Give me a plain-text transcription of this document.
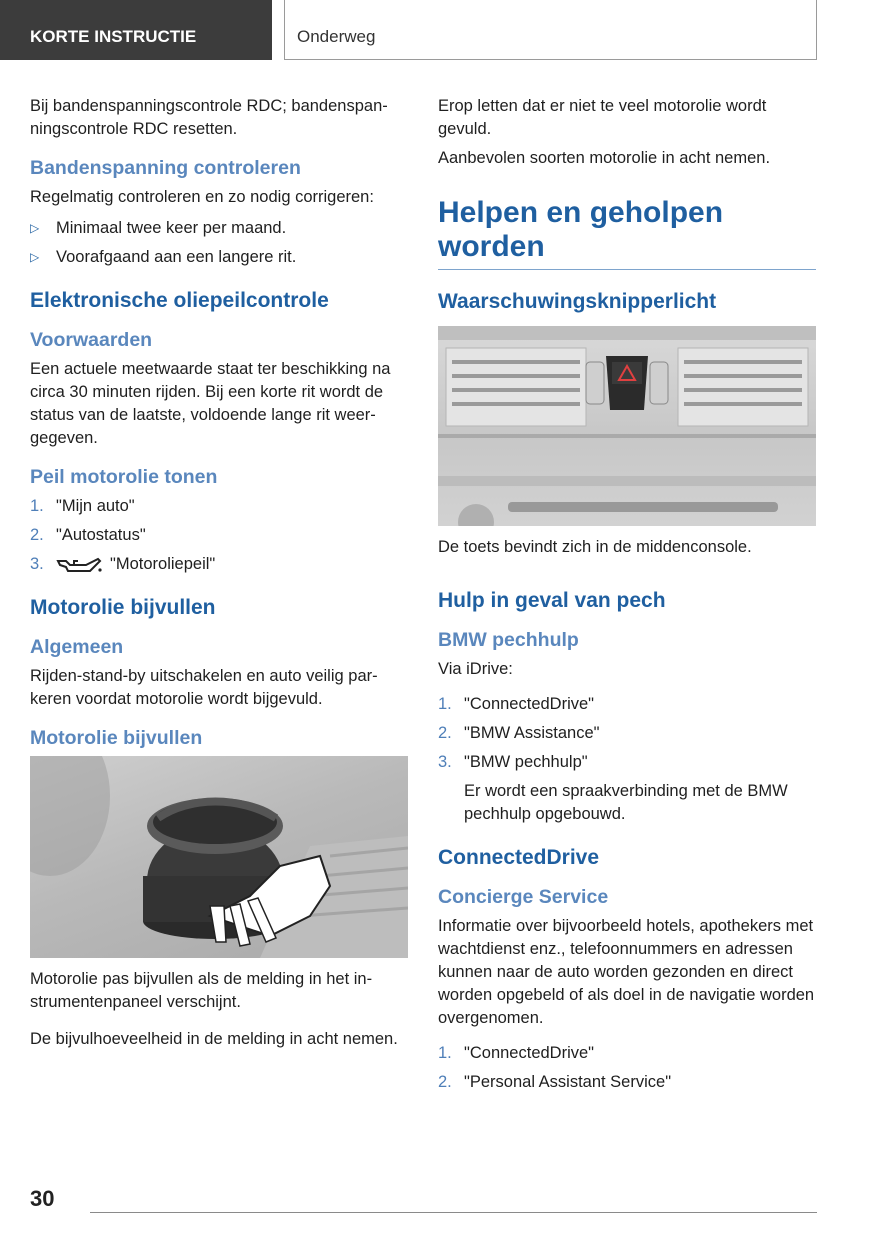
KORTE INSTRUCTIE	Onderweg

Bij bandenspanningscontrole RDC; bandenspanningscontrole RDC resetten.

Bandenspanning controleren

Regelmatig controleren en zo nodig corrigeren:

▷	Minimaal twee keer per maand.
▷	Voorafgaand aan een langere rit.
Elektronische oliepeilcontrole
Voorwaarden

Een actuele meetwaarde staat ter beschikking na circa 30 minuten rijden. Bij een korte rit wordt de status van de laatste, voldoende lange rit weergegeven.

Peil motorolie tonen
1. "Mijn auto"
2. "Autostatus"
3.	"Motoroliepeil"
Motorolie bijvullen
Algemeen

Rijden-stand-by uitschakelen en auto veilig parkeren voordat motorolie wordt bijgevuld.

Motorolie bijvullen

Motorolie pas bijvullen als de melding in het instrumentenpaneel verschijnt.

De bijvulhoeveelheid in de melding in acht nemen.

Erop letten dat er niet te veel motorolie wordt gevuld.

Aanbevolen soorten motorolie in acht nemen.

Helpen en geholpen worden
Waarschuwingsknipperlicht

De toets bevindt zich in de middenconsole.

Hulp in geval van pech
BMW pechhulp

Via iDrive:

1. "ConnectedDrive"
2. "BMW Assistance"
3. "BMW pechhulp"
Er wordt een spraakverbinding met de BMW pechhulp opgebouwd.
ConnectedDrive
Concierge Service

Informatie over bijvoorbeeld hotels, apothekers met wachtdienst enz., telefoonnummers en adressen kunnen naar de auto worden gezonden en direct worden opgebeld of als doel in de navigatie worden overgenomen.

1. "ConnectedDrive"
2. "Personal Assistant Service"
30
